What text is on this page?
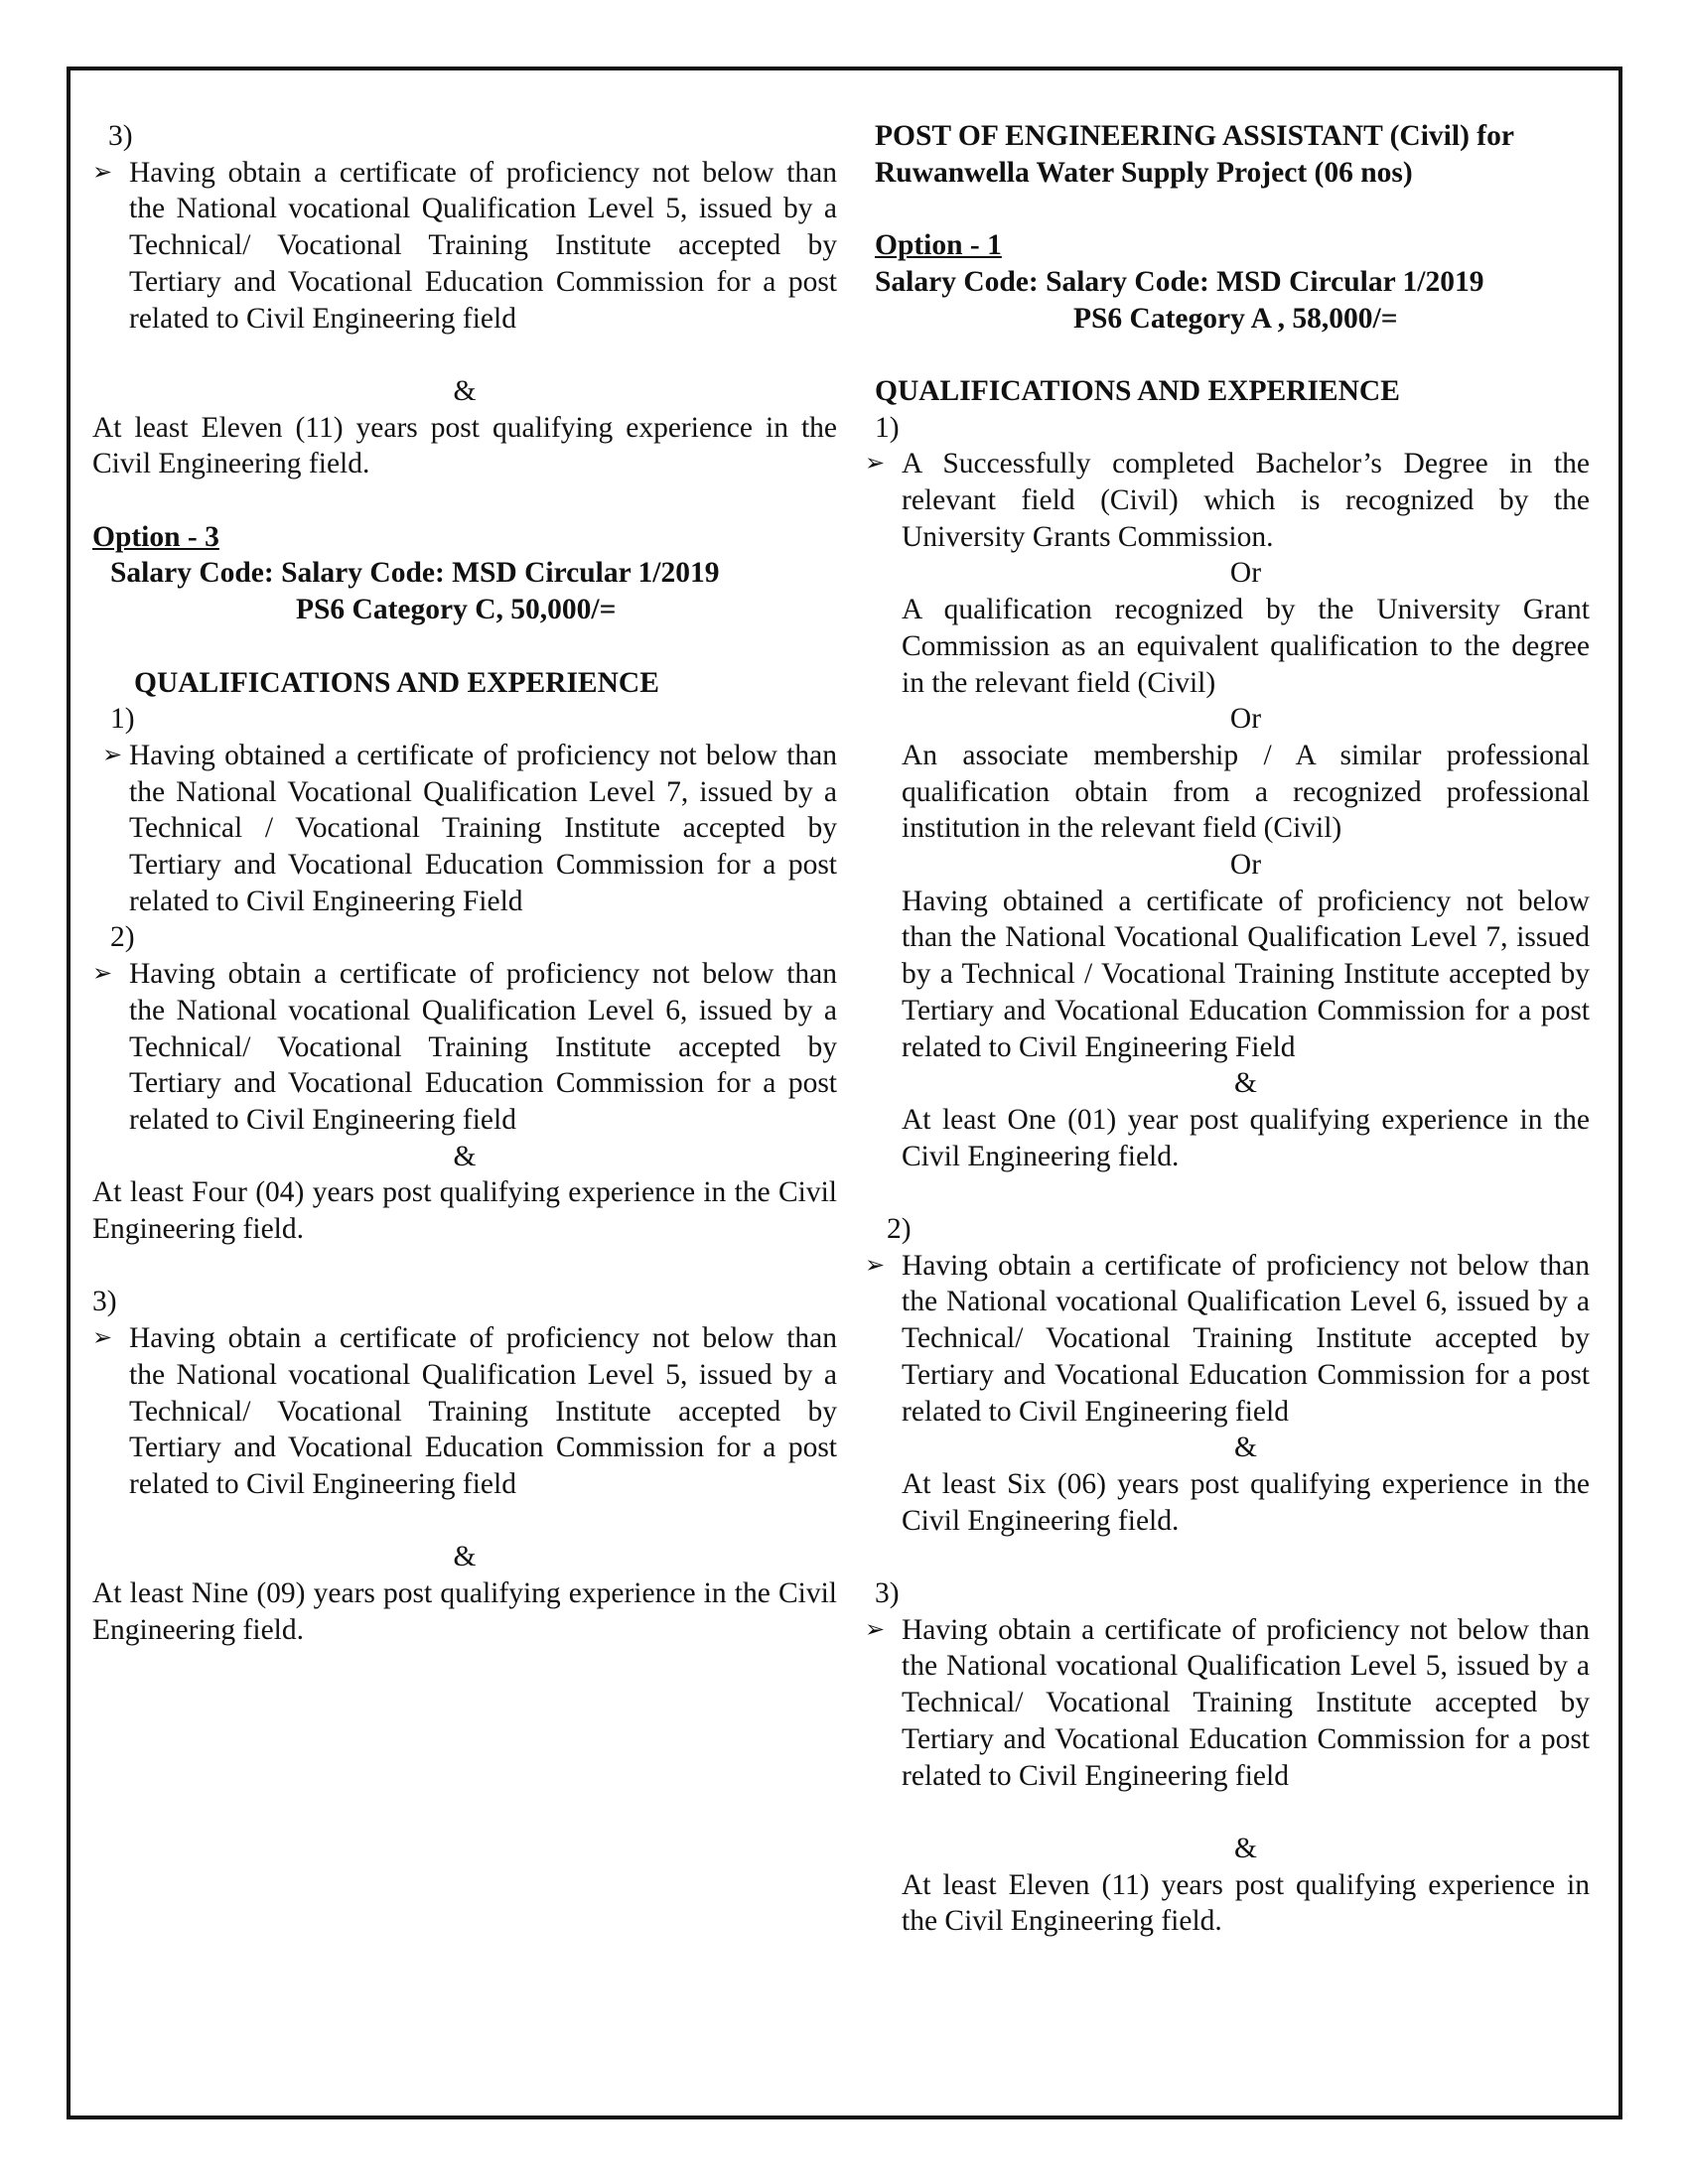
3)

➢ Having obtain a certificate of proficiency not below than the National vocational Qualification Level 5, issued by a Technical/ Vocational Training Institute accepted by Tertiary and Vocational Education Commission for a post related to Civil Engineering field

&

At least Eleven (11) years post qualifying experience in the Civil Engineering field.

Option - 3

Salary Code: Salary Code: MSD Circular 1/2019

PS6 Category C, 50,000/=

QUALIFICATIONS AND EXPERIENCE

1)

➢ Having obtained a certificate of proficiency not below than the National Vocational Qualification Level 7, issued by a Technical / Vocational Training Institute accepted by Tertiary and Vocational Education Commission for a post related to Civil Engineering Field

2)

➢ Having obtain a certificate of proficiency not below than the National vocational Qualification Level 6, issued by a Technical/ Vocational Training Institute accepted by Tertiary and Vocational Education Commission for a post related to Civil Engineering field

&

At least Four (04) years post qualifying experience in the Civil Engineering field.

3)

➢ Having obtain a certificate of proficiency not below than the National vocational Qualification Level 5, issued by a Technical/ Vocational Training Institute accepted by Tertiary and Vocational Education Commission for a post related to Civil Engineering field

&

At least Nine (09) years post qualifying experience in the Civil Engineering field.

POST OF ENGINEERING ASSISTANT (Civil) for

Ruwanwella Water Supply Project (06 nos)

Option - 1

Salary Code: Salary Code: MSD Circular 1/2019

PS6 Category A , 58,000/=

QUALIFICATIONS AND EXPERIENCE

1)

➢ A Successfully completed Bachelor’s Degree in the relevant field (Civil) which is recognized by the University Grants Commission.

Or

A qualification recognized by the University Grant Commission as an equivalent qualification to the degree in the relevant field (Civil)

Or

An associate membership / A similar professional qualification obtain from a recognized professional institution in the relevant field (Civil)

Or

Having obtained a certificate of proficiency not below than the National Vocational Qualification Level 7, issued by a Technical / Vocational Training Institute accepted by Tertiary and Vocational Education Commission for a post related to Civil Engineering Field

&

At least One (01) year post qualifying experience in the Civil Engineering field.

2)

➢ Having obtain a certificate of proficiency not below than the National vocational Qualification Level 6, issued by a Technical/ Vocational Training Institute accepted by Tertiary and Vocational Education Commission for a post related to Civil Engineering field

&

At least Six (06) years post qualifying experience in the Civil Engineering field.

3)

➢ Having obtain a certificate of proficiency not below than the National vocational Qualification Level 5, issued by a Technical/ Vocational Training Institute accepted by Tertiary and Vocational Education Commission for a post related to Civil Engineering field

&

At least Eleven (11) years post qualifying experience in the Civil Engineering field.
